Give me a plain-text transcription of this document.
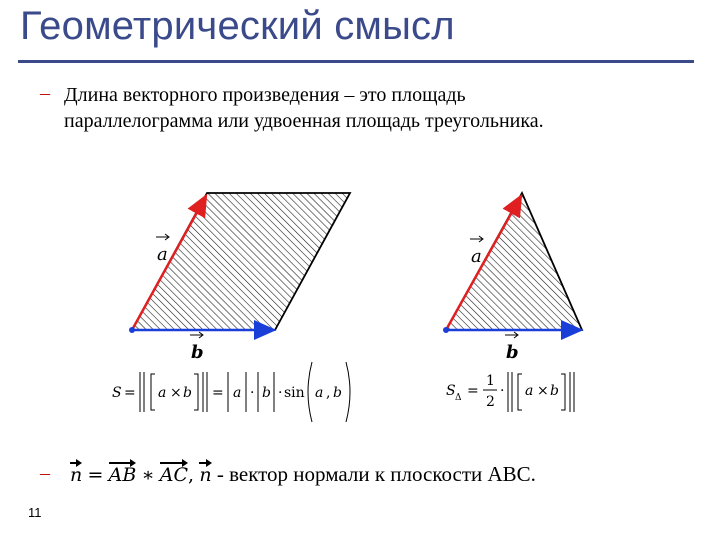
Геометрический смысл
– Длина векторного произведения – это площадь
параллелограмма или удвоенная площадь треугольника.
a
b
a
b
S = a × b = a · b · sin a , b	S Δ =
1
2
· a × b
– n = AB ∗ AC, n - вектор нормали к плоскости АВС.
11
